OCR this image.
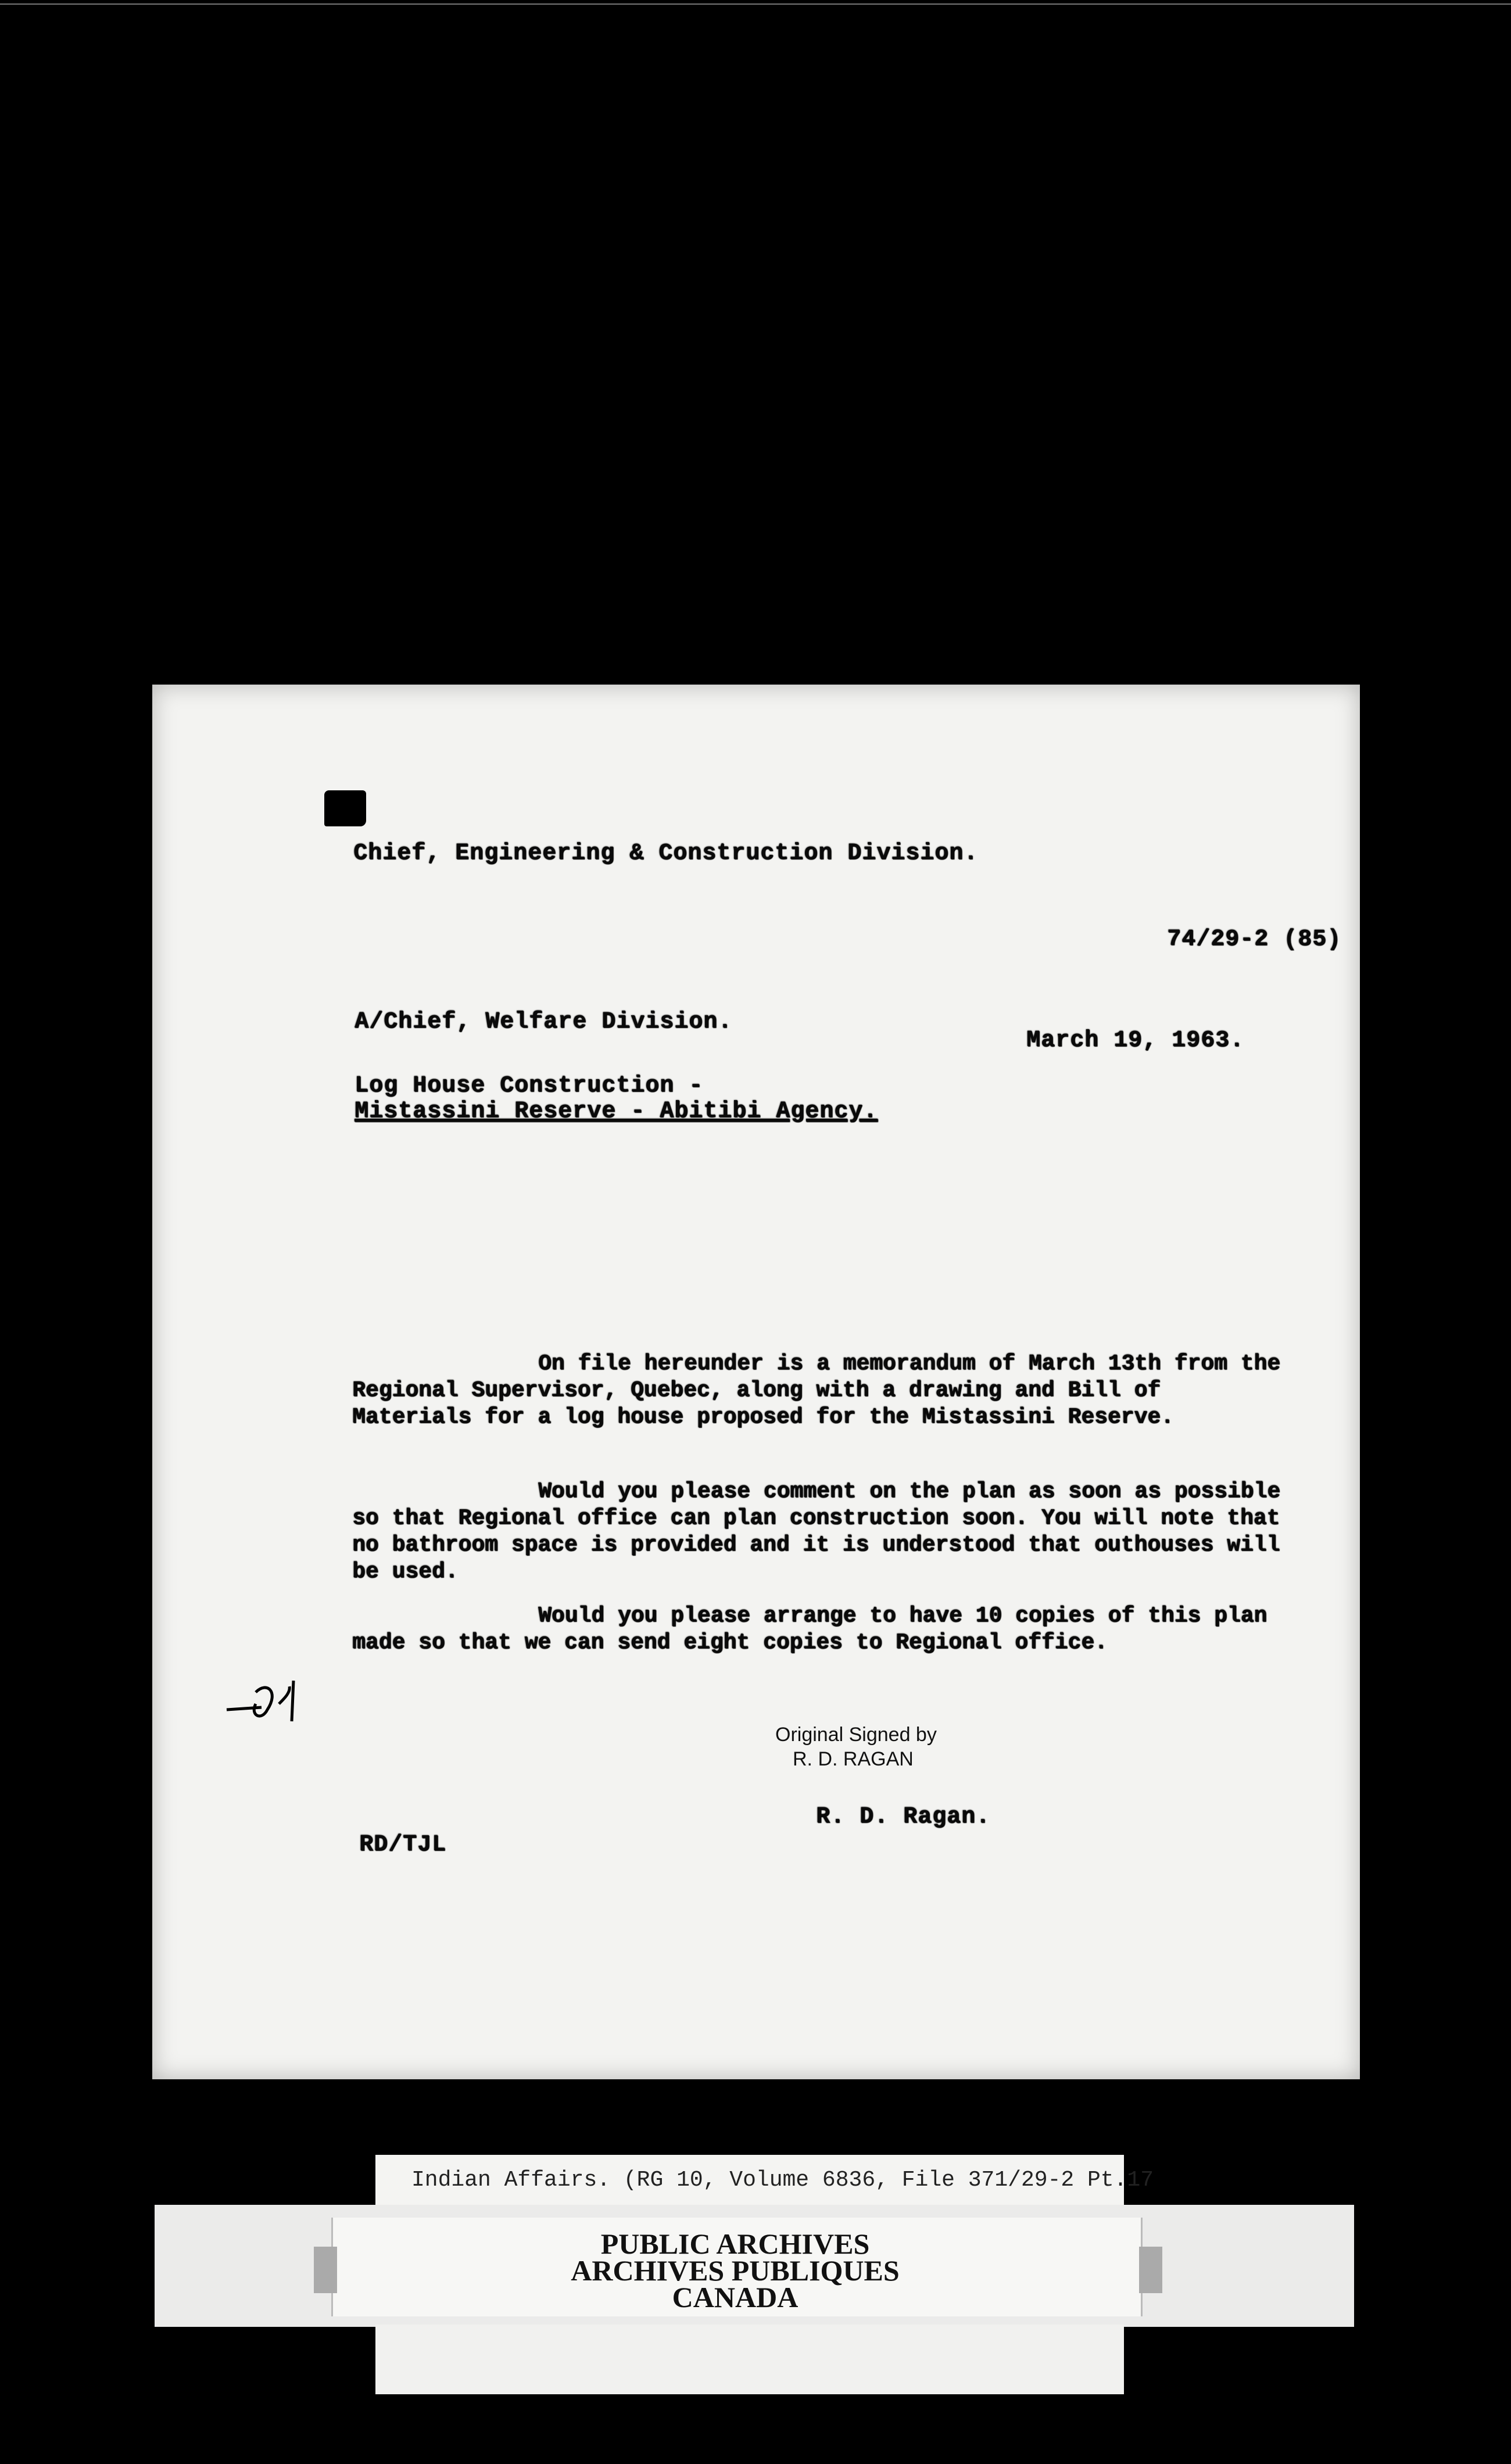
Chief, Engineering & Construction Division.
74/29-2 (85)
A/Chief, Welfare Division.
March 19, 1963.
Log House Construction -
Mistassini Reserve - Abitibi Agency.
On file hereunder is a memorandum of March 13th from the Regional Supervisor, Quebec, along with a drawing and Bill of Materials for a log house proposed for the Mistassini Reserve.
Would you please comment on the plan as soon as possible so that Regional office can plan construction soon. You will note that no bathroom space is provided and it is understood that outhouses will be used.
Would you please arrange to have 10 copies of this plan made so that we can send eight copies to Regional office.
Original Signed by
R. D. RAGAN
R. D. Ragan.
RD/TJL
Indian Affairs. (RG 10, Volume 6836, File 371/29-2 Pt.17
PUBLIC ARCHIVES
ARCHIVES PUBLIQUES
CANADA
